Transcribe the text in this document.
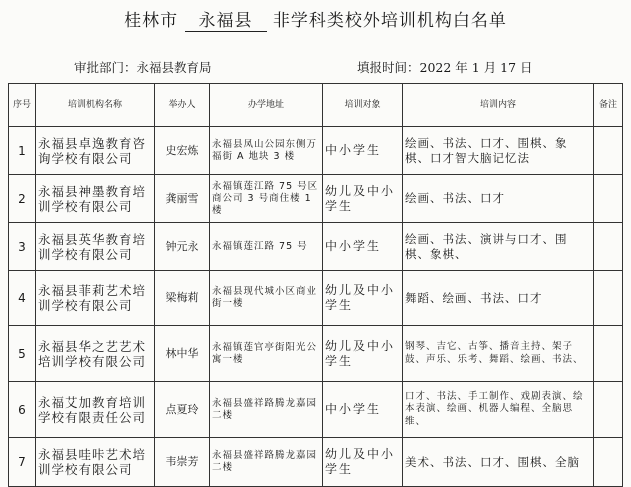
桂林市 永福县 非学科类校外培训机构白名单
审批部门：永福县教育局	填报时间：2022 年 1 月 17 日
序号	培训机构名称	举办人	办学地址	培训对象	培训内容	备注
1	永福县卓逸教育咨询学校有限公司	史宏炼	永福县凤山公园东侧万福街 A 地块 3 楼	中小学生	绘画、书法、口才、围棋、象棋、口才智大脑记忆法	
2	永福县神墨教育培训学校有限公司	龚丽雪	永福镇莲江路 75 号区商公司 3 号商住楼 1 楼	幼儿及中小学生	绘画、书法、口才	
3	永福县英华教育培训学校有限公司	钟元永	永福镇莲江路 75 号	中小学生	绘画、书法、演讲与口才、围棋、象棋、	
4	永福县菲莉艺术培训学校有限公司	梁梅莉	永福县现代城小区商业街一楼	幼儿及中小学生	舞蹈、绘画、书法、口才	
5	永福县华之艺艺术培训学校有限公司	林中华	永福镇莲官亭街阳光公寓一楼	幼儿及中小学生	钢琴、吉它、古筝、播音主持、架子鼓、声乐、乐考、舞蹈、绘画、书法、	
6	永福艾加教育培训学校有限责任公司	点夏玲	永福县盛祥路腾龙嘉园二楼	中小学生	口才、书法、手工制作、戏剧表演、绘本表演、绘画、机器人编程、全脑思维、	
7	永福县哇咔艺术培训学校有限公司	韦崇芳	永福县盛祥路腾龙嘉园二楼	幼儿及中小学生	美术、书法、口才、围棋、全脑	
